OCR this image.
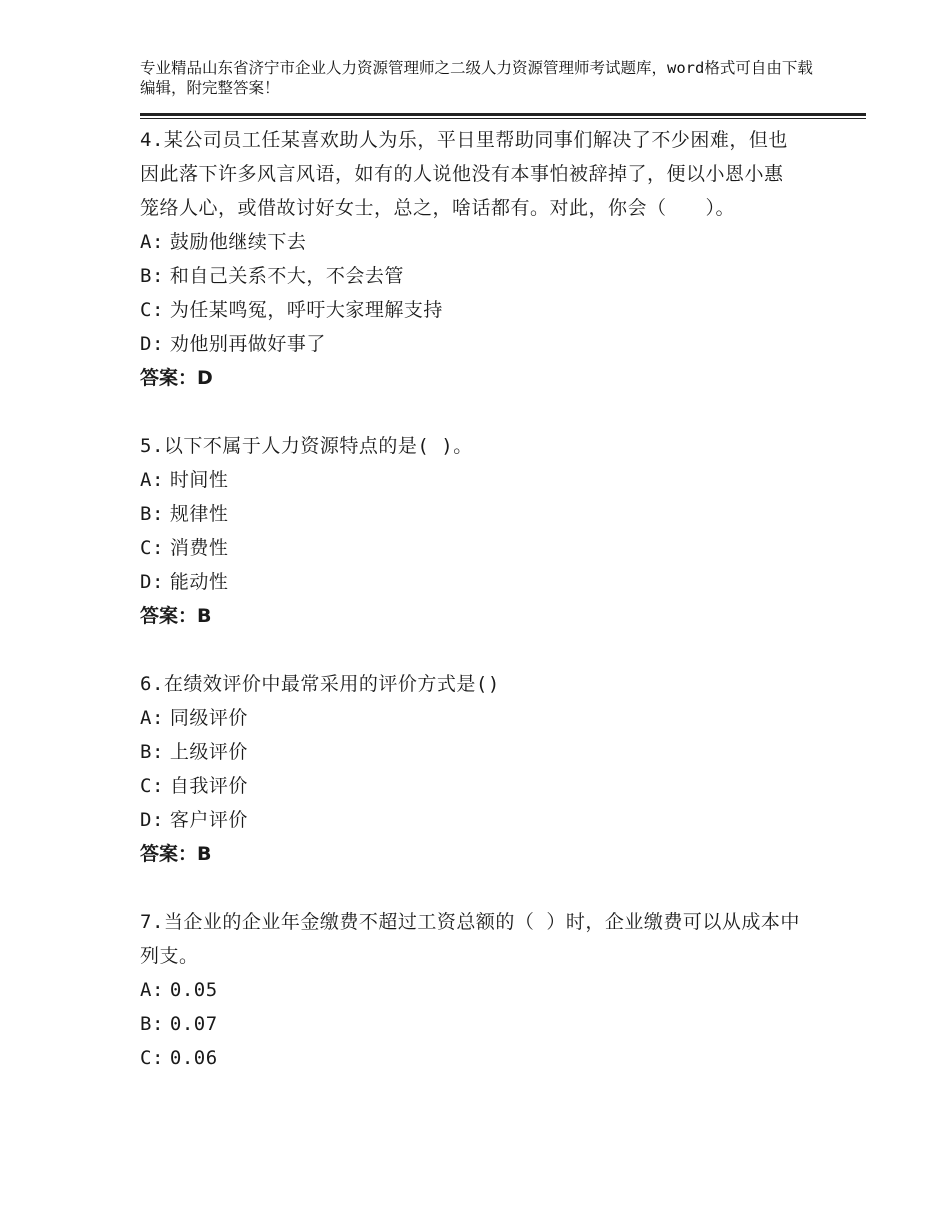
专业精品山东省济宁市企业人力资源管理师之二级人力资源管理师考试题库，word格式可自由下载编辑，附完整答案！
4.某公司员工任某喜欢助人为乐，平日里帮助同事们解决了不少困难，但也因此落下许多风言风语，如有的人说他没有本事怕被辞掉了，便以小恩小惠笼络人心，或借故讨好女士，总之，啥话都有。对此，你会（　　）。
A: 鼓励他继续下去
B: 和自己关系不大，不会去管
C: 为任某鸣冤，呼吁大家理解支持
D: 劝他别再做好事了
答案：D
5.以下不属于人力资源特点的是( )。
A: 时间性
B: 规律性
C: 消费性
D: 能动性
答案：B
6.在绩效评价中最常采用的评价方式是()
A: 同级评价
B: 上级评价
C: 自我评价
D: 客户评价
答案：B
7.当企业的企业年金缴费不超过工资总额的（ ）时，企业缴费可以从成本中列支。
A: 0.05
B: 0.07
C: 0.06
